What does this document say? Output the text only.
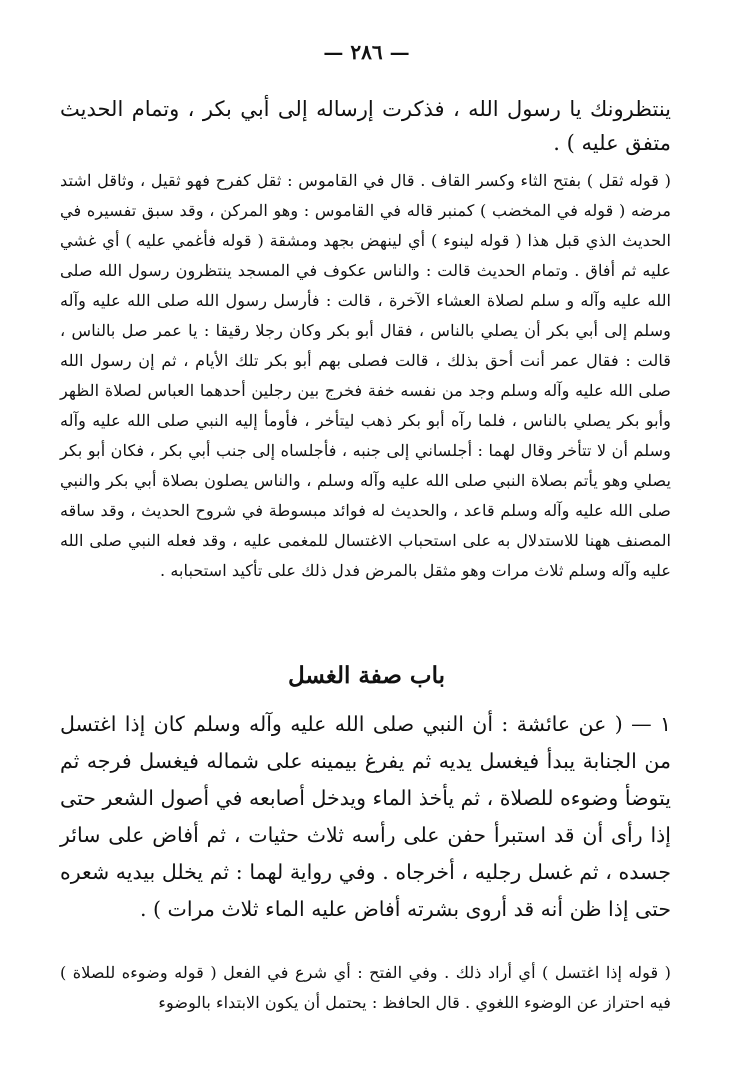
— ٢٨٦ —
ينتظرونك يا رسول الله ، فذكرت إرساله إلى أبي بكر ، وتمام الحديث متفق عليه ) .
( قوله ثقل ) بفتح الثاء وكسر القاف . قال في القاموس : ثقل كفرح فهو ثقيل ، وثاقل اشتد مرضه ( قوله في المخضب ) كمنبر قاله في القاموس : وهو المركن ، وقد سبق تفسيره في الحديث الذي قبل هذا ( قوله لينوء ) أي لينهض بجهد ومشقة ( قوله فأغمي عليه ) أي غشي عليه ثم أفاق . وتمام الحديث قالت : والناس عكوف في المسجد ينتظرون رسول الله صلى الله عليه وآله و سلم لصلاة العشاء الآخرة ، قالت : فأرسل رسول الله صلى الله عليه وآله وسلم إلى أبي بكر أن يصلي بالناس ، فقال أبو بكر وكان رجلا رقيقا : يا عمر صل بالناس ، قالت : فقال عمر أنت أحق بذلك ، قالت فصلى بهم أبو بكر تلك الأيام ، ثم إن رسول الله صلى الله عليه وآله وسلم وجد من نفسه خفة فخرج بين رجلين أحدهما العباس لصلاة الظهر وأبو بكر يصلي بالناس ، فلما رآه أبو بكر ذهب ليتأخر ، فأومأ إليه النبي صلى الله عليه وآله وسلم أن لا تتأخر وقال لهما : أجلساني إلى جنبه ، فأجلساه إلى جنب أبي بكر ، فكان أبو بكر يصلي وهو يأتم بصلاة النبي صلى الله عليه وآله وسلم ، والناس يصلون بصلاة أبي بكر والنبي صلى الله عليه وآله وسلم قاعد ، والحديث له فوائد مبسوطة في شروح الحديث ، وقد ساقه المصنف ههنا للاستدلال به على استحباب الاغتسال للمغمى عليه ، وقد فعله النبي صلى الله عليه وآله وسلم ثلاث مرات وهو مثقل بالمرض فدل ذلك على تأكيد استحبابه .
باب صفة الغسل
١ — ( عن عائشة : أن النبي صلى الله عليه وآله وسلم كان إذا اغتسل من الجنابة يبدأ فيغسل يديه ثم يفرغ بيمينه على شماله فيغسل فرجه ثم يتوضأ وضوءه للصلاة ، ثم يأخذ الماء ويدخل أصابعه في أصول الشعر حتى إذا رأى أن قد استبرأ حفن على رأسه ثلاث حثيات ، ثم أفاض على سائر جسده ، ثم غسل رجليه ، أخرجاه . وفي رواية لهما : ثم يخلل بيديه شعره حتى إذا ظن أنه قد أروى بشرته أفاض عليه الماء ثلاث مرات ) .
( قوله إذا اغتسل ) أي أراد ذلك . وفي الفتح : أي شرع في الفعل ( قوله وضوءه للصلاة ) فيه احتراز عن الوضوء اللغوي . قال الحافظ : يحتمل أن يكون الابتداء بالوضوء
